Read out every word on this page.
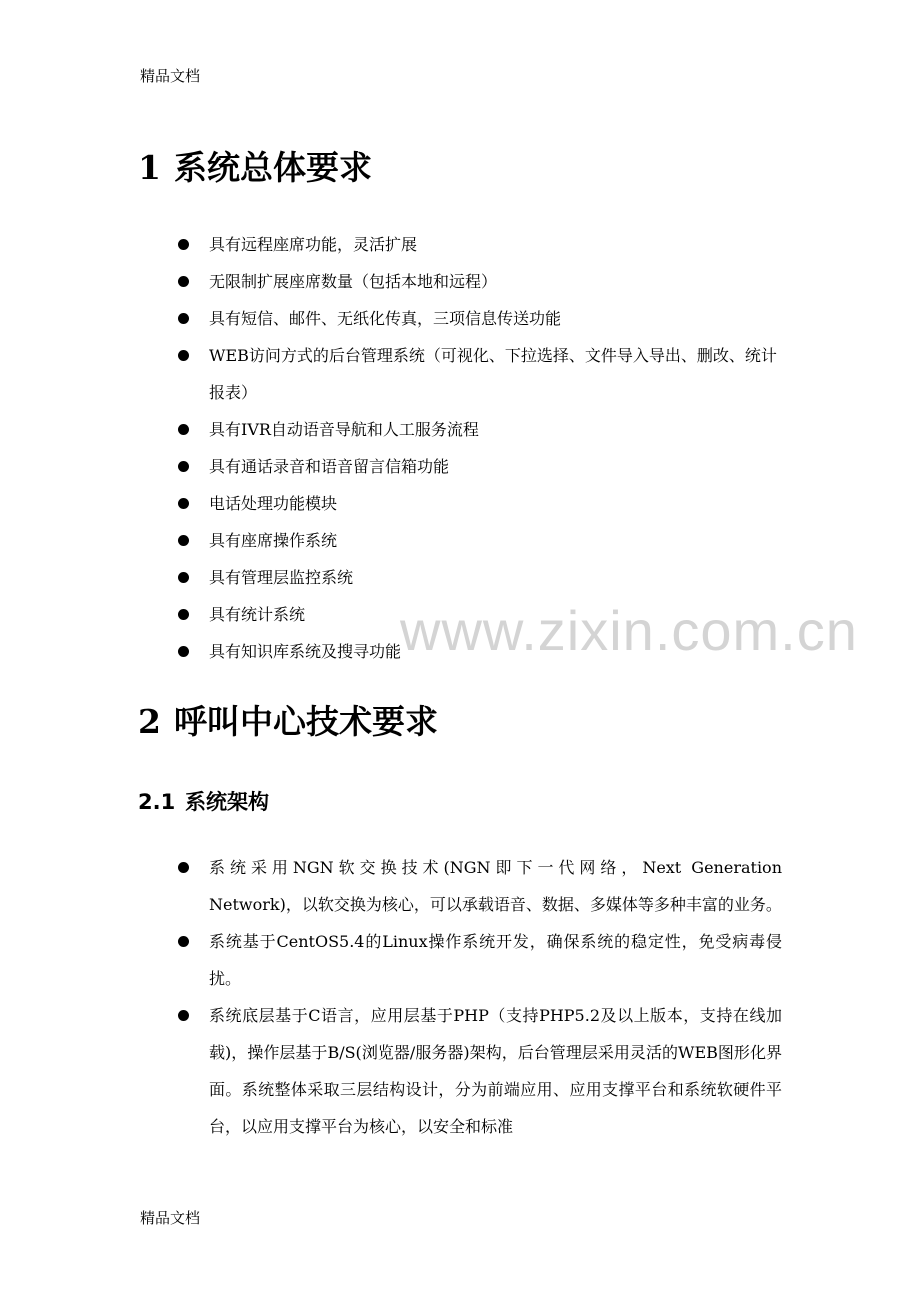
精品文档
www.zixin.com.cn
1 系统总体要求
具有远程座席功能，灵活扩展
无限制扩展座席数量（包括本地和远程）
具有短信、邮件、无纸化传真，三项信息传送功能
WEB访问方式的后台管理系统（可视化、下拉选择、文件导入导出、删改、统计报表）
具有IVR自动语音导航和人工服务流程
具有通话录音和语音留言信箱功能
电话处理功能模块
具有座席操作系统
具有管理层监控系统
具有统计系统
具有知识库系统及搜寻功能
2 呼叫中心技术要求
2.1 系统架构
系统采用NGN软交换技术(NGN即下一代网络，Next Generation Network)，以软交换为核心，可以承载语音、数据、多媒体等多种丰富的业务。
系统基于CentOS5.4的Linux操作系统开发，确保系统的稳定性，免受病毒侵扰。
系统底层基于C语言，应用层基于PHP（支持PHP5.2及以上版本，支持在线加载)，操作层基于B/S(浏览器/服务器)架构，后台管理层采用灵活的WEB图形化界面。系统整体采取三层结构设计，分为前端应用、应用支撑平台和系统软硬件平台，以应用支撑平台为核心，以安全和标准
精品文档
